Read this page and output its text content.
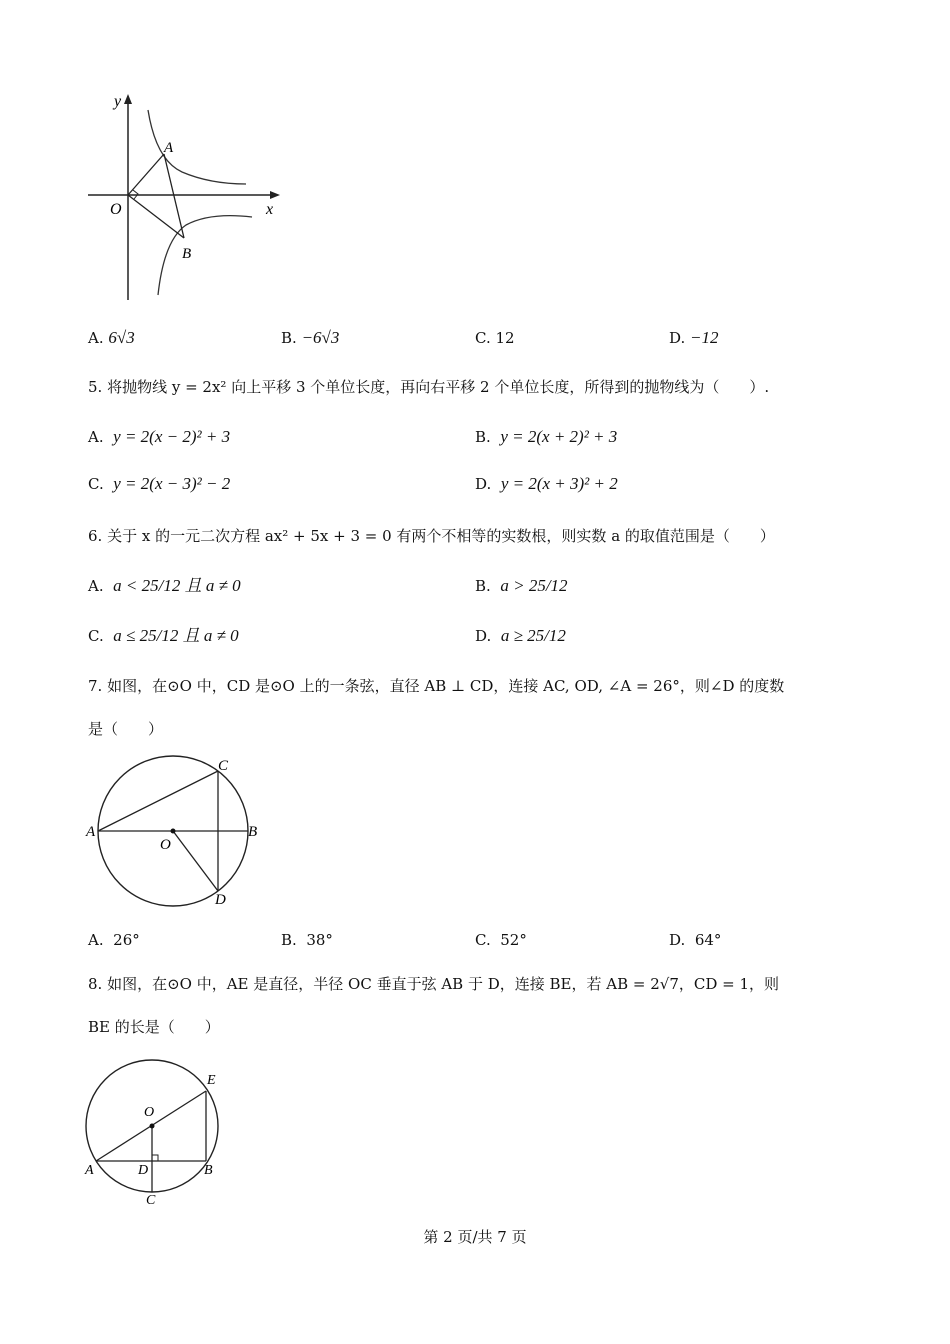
y
x
O
A
B
A. 6√3	B. −6√3	C. 12	D. −12
5. 将抛物线 y = 2x² 向上平移 3 个单位长度，再向右平移 2 个单位长度，所得到的抛物线为（　　）.
A. y = 2(x − 2)² + 3	B. y = 2(x + 2)² + 3
C. y = 2(x − 3)² − 2	D. y = 2(x + 3)² + 2
6. 关于 x 的一元二次方程 ax² + 5x + 3 = 0 有两个不相等的实数根，则实数 a 的取值范围是（　　）
A. a < 25/12 且 a ≠ 0	B. a > 25/12
C. a ≤ 25/12 且 a ≠ 0	D. a ≥ 25/12
7. 如图，在⊙O 中，CD 是⊙O 上的一条弦，直径 AB ⊥ CD，连接 AC, OD, ∠A = 26°，则∠D 的度数
是（　　）
A	B
C
O
D
A. 26°	B. 38°	C. 52°	D. 64°
8. 如图，在⊙O 中，AE 是直径，半径 OC 垂直于弦 AB 于 D，连接 BE，若 AB = 2√7，CD = 1，则
BE 的长是（　　）
O
E
A	D	B
C
第 2 页/共 7 页
